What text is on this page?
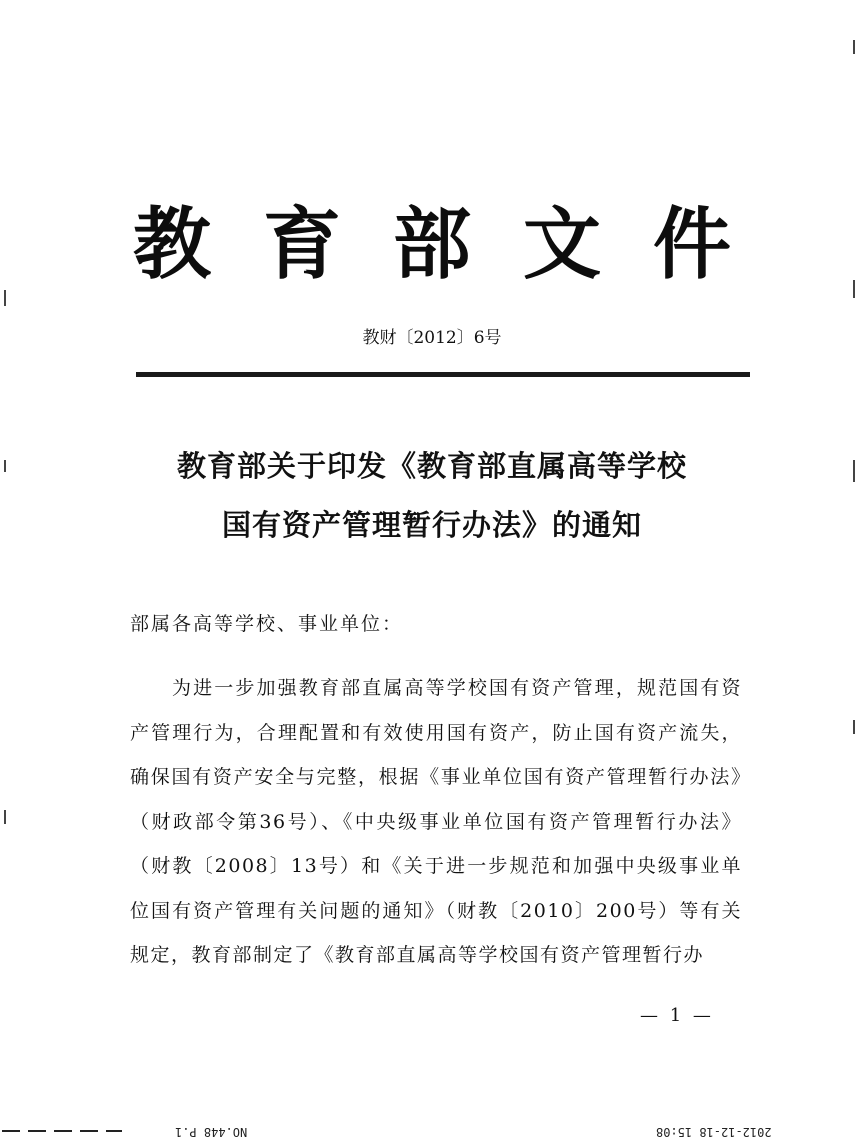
教育部文件
教财〔2012〕6号
教育部关于印发《教育部直属高等学校
国有资产管理暂行办法》的通知
部属各高等学校、事业单位：
为进一步加强教育部直属高等学校国有资产管理，规范国有资产管理行为，合理配置和有效使用国有资产，防止国有资产流失，确保国有资产安全与完整，根据《事业单位国有资产管理暂行办法》（财政部令第36号）、《中央级事业单位国有资产管理暂行办法》（财教〔2008〕13号）和《关于进一步规范和加强中央级事业单位国有资产管理有关问题的通知》（财教〔2010〕200号）等有关规定，教育部制定了《教育部直属高等学校国有资产管理暂行办
— 1 —
NO.448 P.1	2012-12-18 15:08
